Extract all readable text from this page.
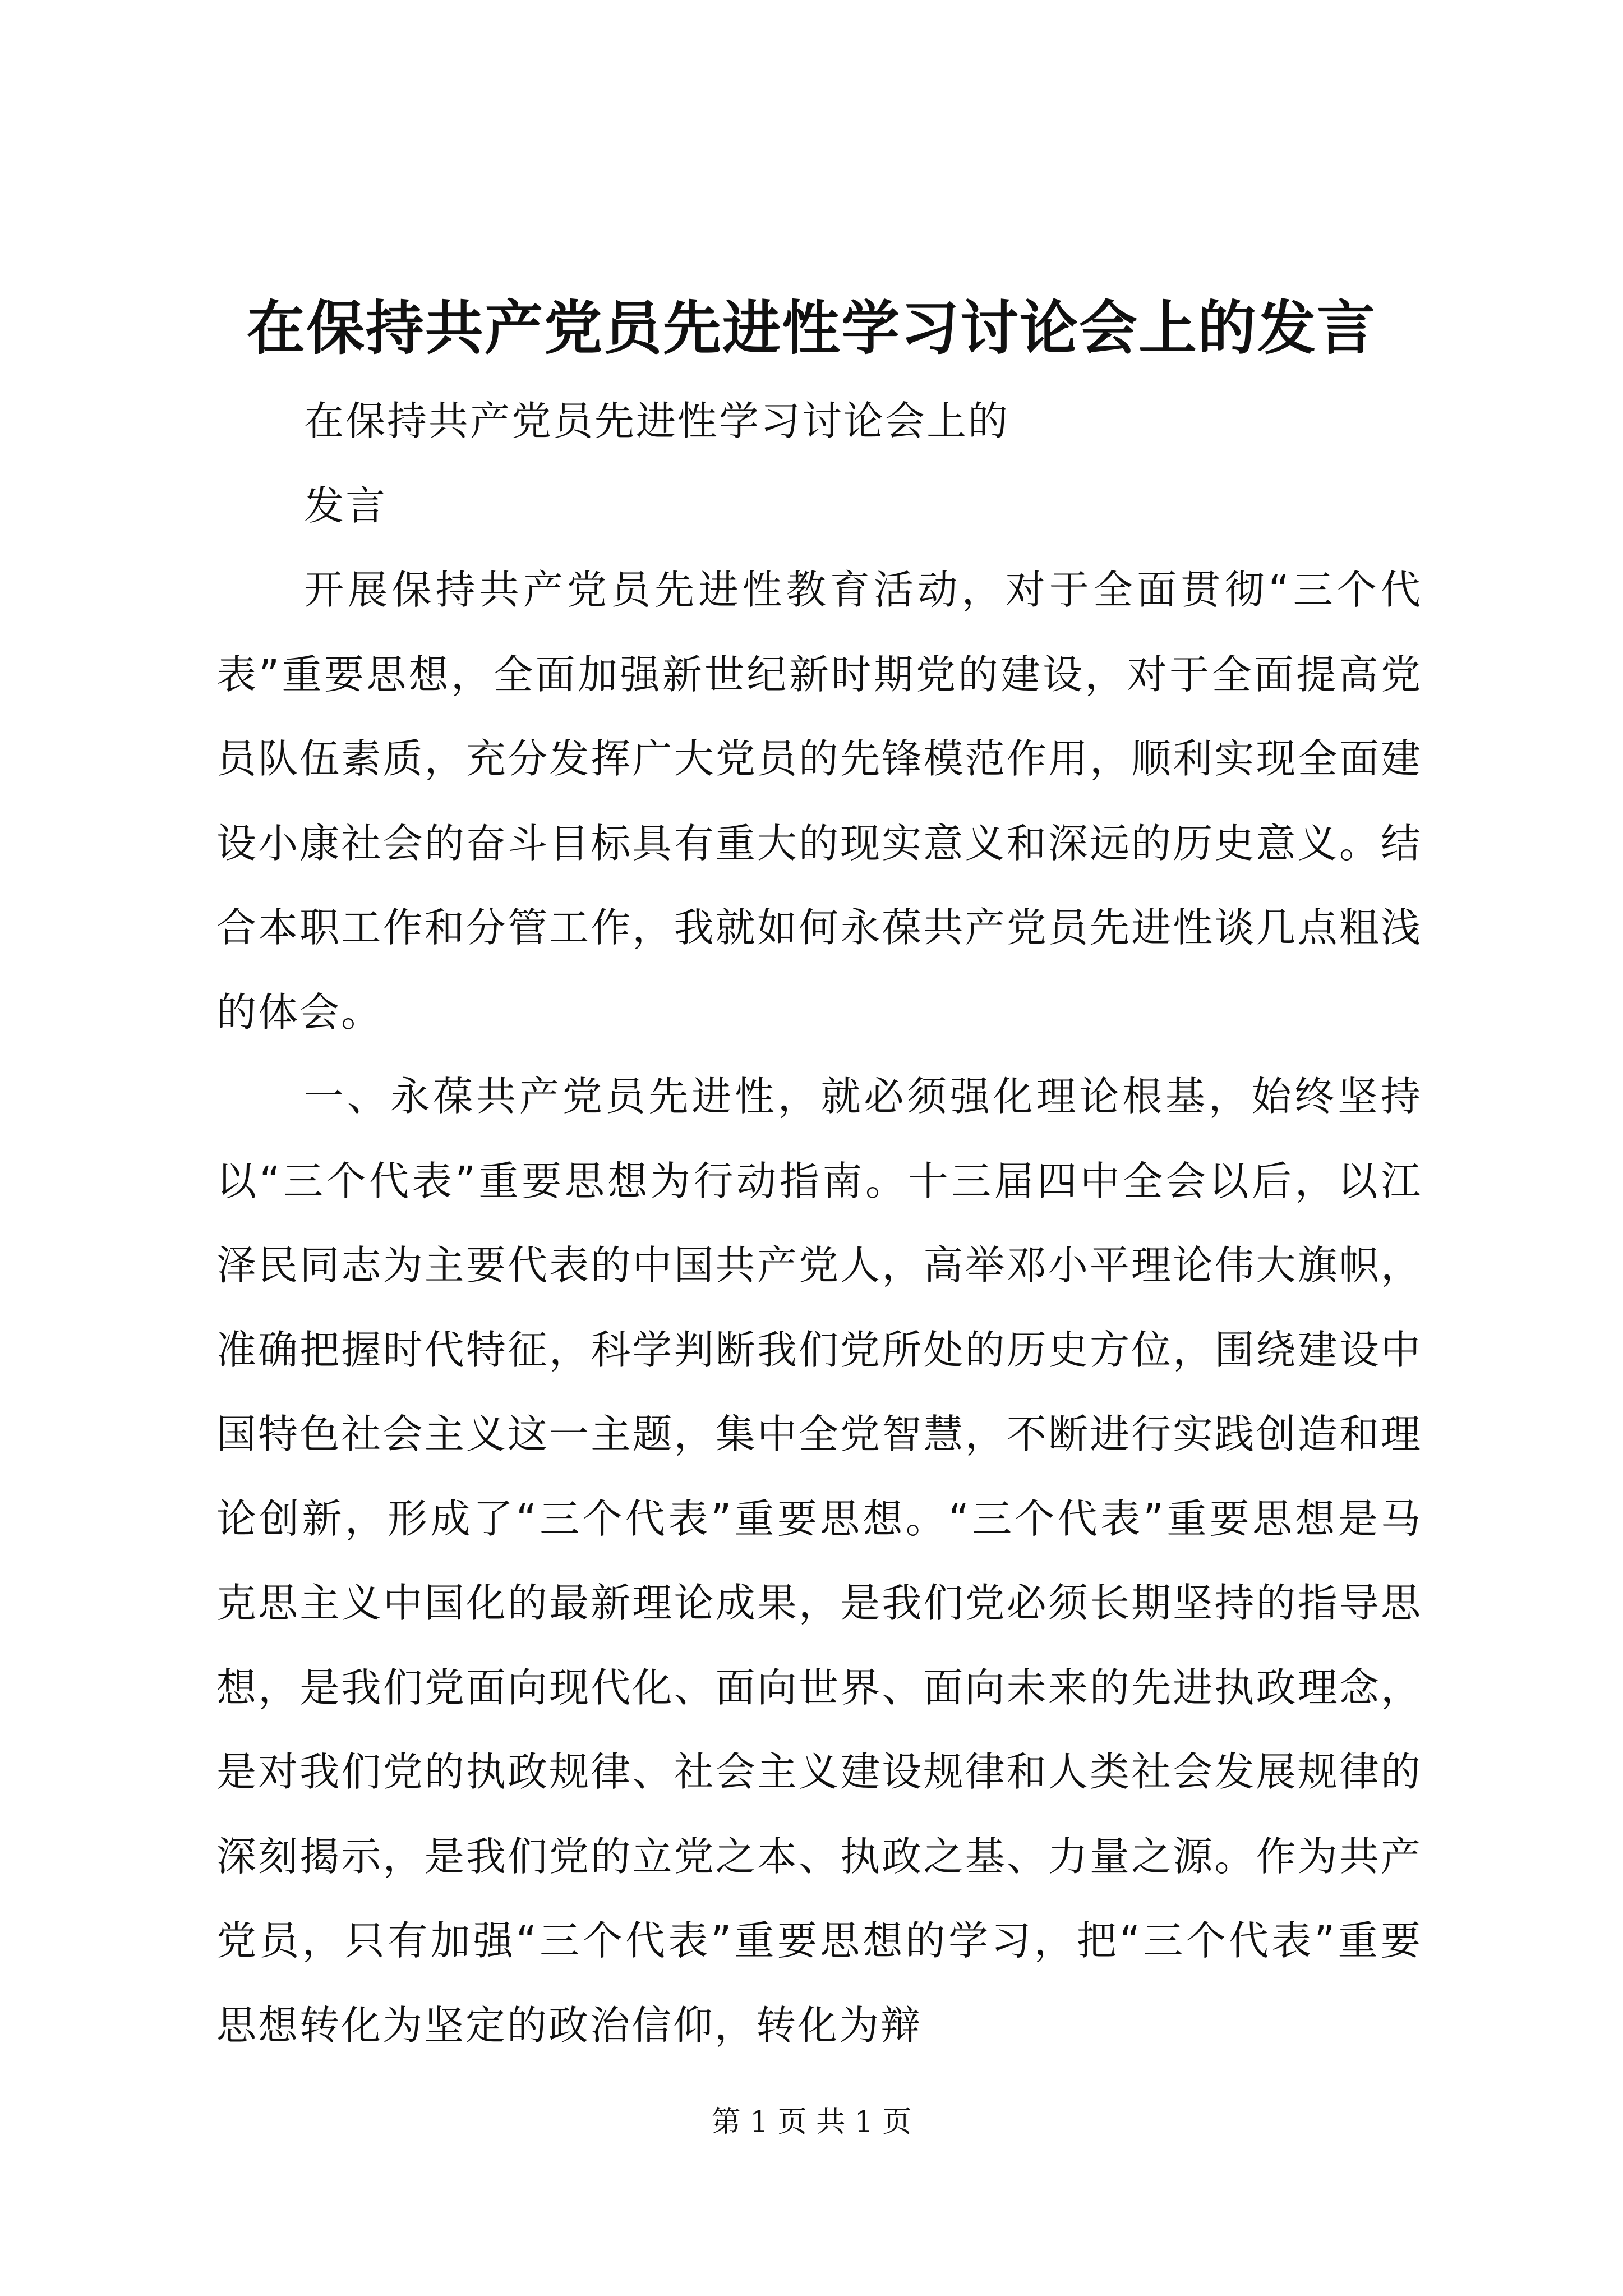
在保持共产党员先进性学习讨论会上的发言

在保持共产党员先进性学习讨论会上的

发言

开展保持共产党员先进性教育活动，对于全面贯彻“三个代表”重要思想，全面加强新世纪新时期党的建设，对于全面提高党员队伍素质，充分发挥广大党员的先锋模范作用，顺利实现全面建设小康社会的奋斗目标具有重大的现实意义和深远的历史意义。结合本职工作和分管工作，我就如何永葆共产党员先进性谈几点粗浅的体会。

一、永葆共产党员先进性，就必须强化理论根基，始终坚持以“三个代表”重要思想为行动指南。十三届四中全会以后，以江泽民同志为主要代表的中国共产党人，高举邓小平理论伟大旗帜，准确把握时代特征，科学判断我们党所处的历史方位，围绕建设中国特色社会主义这一主题，集中全党智慧，不断进行实践创造和理论创新，形成了“三个代表”重要思想。“三个代表”重要思想是马克思主义中国化的最新理论成果，是我们党必须长期坚持的指导思想，是我们党面向现代化、面向世界、面向未来的先进执政理念，是对我们党的执政规律、社会主义建设规律和人类社会发展规律的深刻揭示，是我们党的立党之本、执政之基、力量之源。作为共产党员，只有加强“三个代表”重要思想的学习，把“三个代表”重要思想转化为坚定的政治信仰，转化为辩

第 1 页 共 1 页
